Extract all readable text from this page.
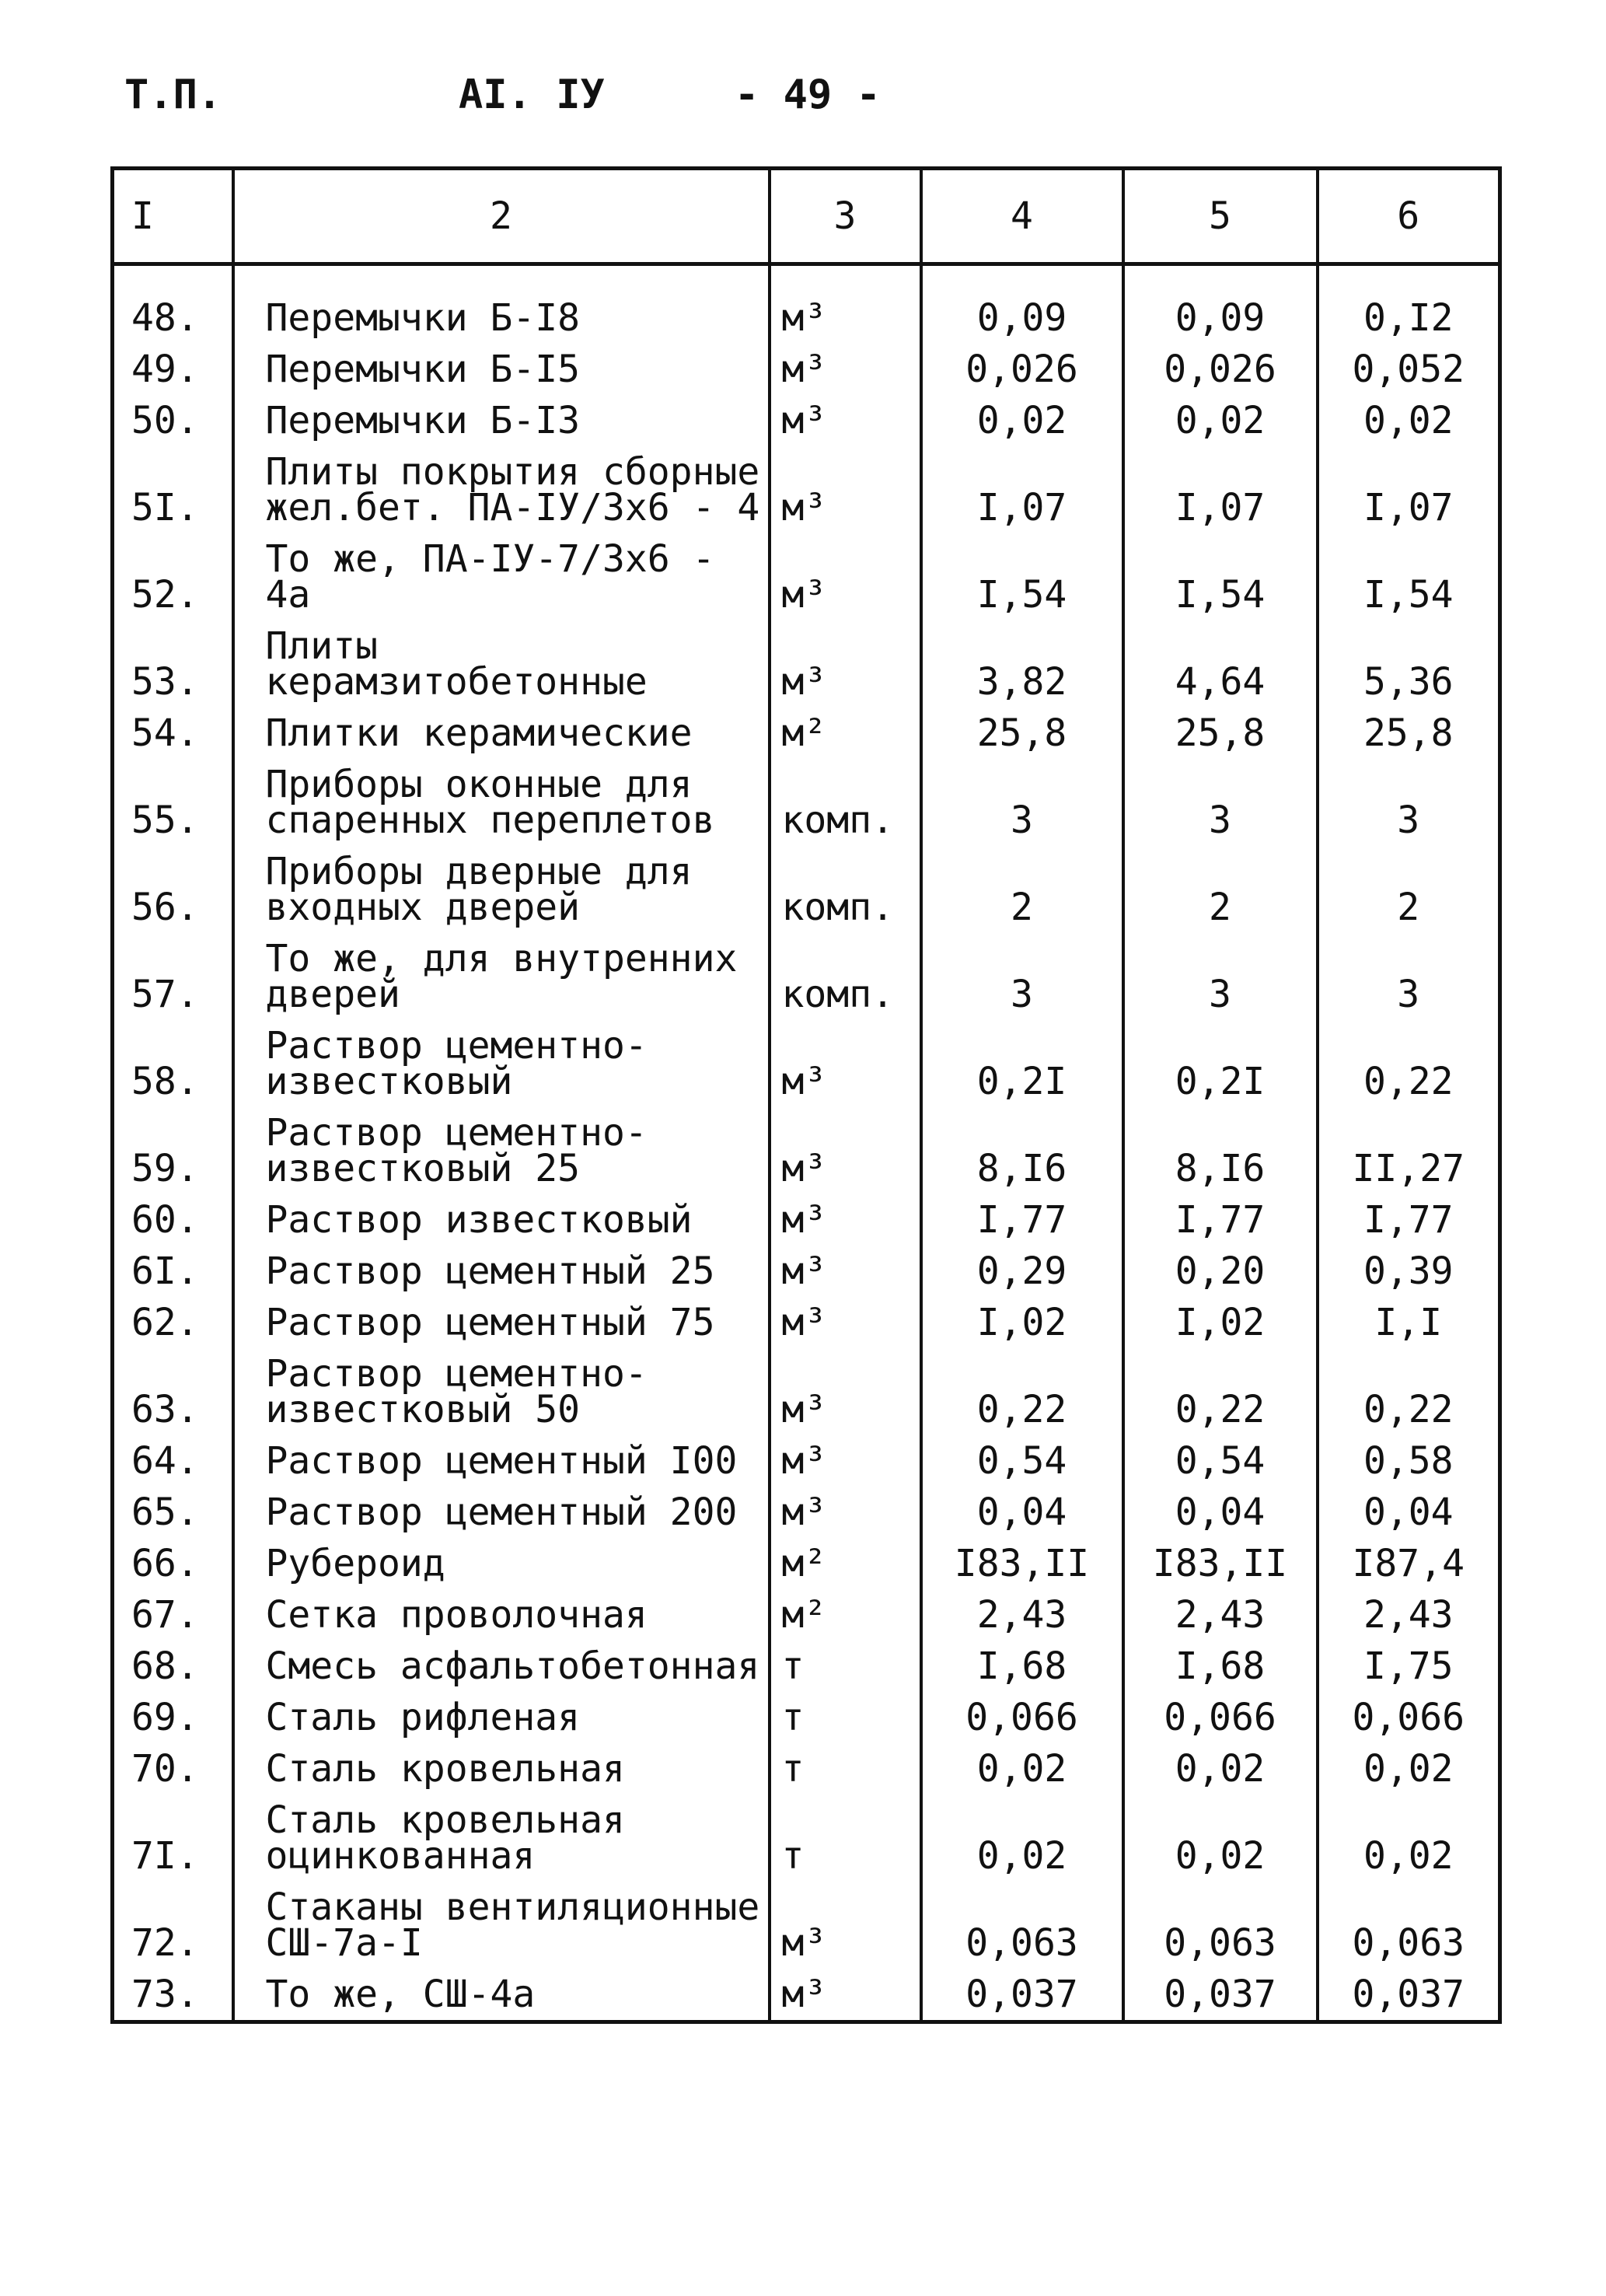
Т.П.	АI. IУ	- 49 -
I	2	3	4	5	6

48.	Перемычки Б-I8	м³	0,09	0,09	0,I2
49.	Перемычки Б-I5	м³	0,026	0,026	0,052
50.	Перемычки Б-I3	м³	0,02	0,02	0,02
5I.	Плиты покрытия сборные жел.бет. ПА-IУ/3х6 - 4	м³	I,07	I,07	I,07
52.	То же, ПА-IУ-7/3х6 - 4а	м³	I,54	I,54	I,54
53.	Плиты керамзитобетонные	м³	3,82	4,64	5,36
54.	Плитки керамические	м²	25,8	25,8	25,8
55.	Приборы оконные для спаренных переплетов	комп.	3	3	3
56.	Приборы дверные для входных дверей	комп.	2	2	2
57.	То же, для внутренних дверей	комп.	3	3	3
58.	Раствор цементно-известковый	м³	0,2I	0,2I	0,22
59.	Раствор цементно-известковый 25	м³	8,I6	8,I6	II,27
60.	Раствор известковый	м³	I,77	I,77	I,77
6I.	Раствор цементный 25	м³	0,29	0,20	0,39
62.	Раствор цементный 75	м³	I,02	I,02	I,I
63.	Раствор цементно-известковый 50	м³	0,22	0,22	0,22
64.	Раствор цементный I00	м³	0,54	0,54	0,58
65.	Раствор цементный 200	м³	0,04	0,04	0,04
66.	Рубероид	м²	I83,II	I83,II	I87,4
67.	Сетка проволочная	м²	2,43	2,43	2,43
68.	Смесь асфальтобетонная	т	I,68	I,68	I,75
69.	Сталь рифленая	т	0,066	0,066	0,066
70.	Сталь кровельная	т	0,02	0,02	0,02
7I.	Сталь кровельная оцинкованная	т	0,02	0,02	0,02
72.	Стаканы вентиляционные СШ-7а-I	м³	0,063	0,063	0,063
73.	То же, СШ-4а	м³	0,037	0,037	0,037
